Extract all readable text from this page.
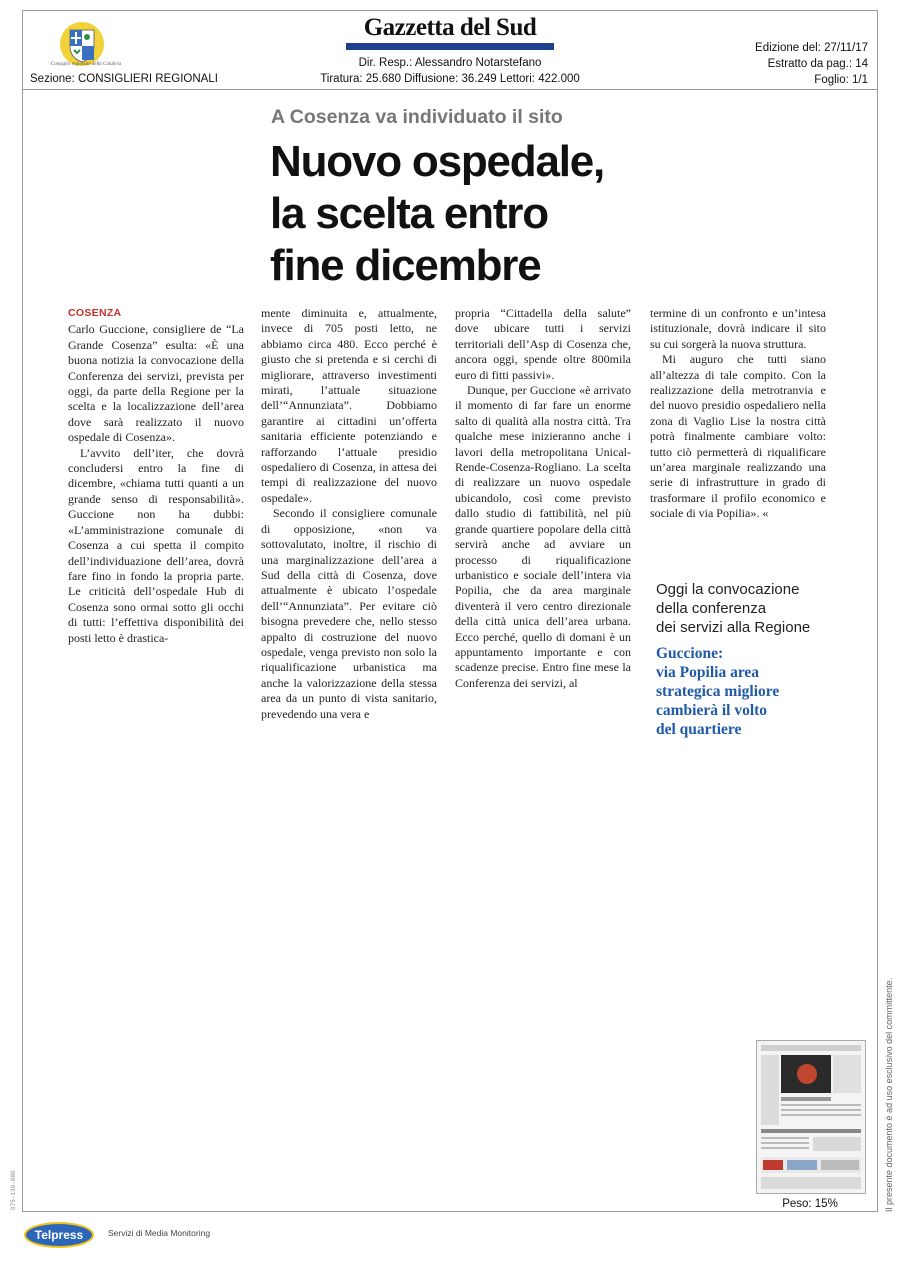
Consiglio regionale della Calabria
Sezione: CONSIGLIERI REGIONALI
Gazzetta del Sud
Dir. Resp.: Alessandro Notarstefano
Tiratura: 25.680 Diffusione: 36.249 Lettori: 422.000
Edizione del: 27/11/17
Estratto da pag.: 14
Foglio: 1/1
A Cosenza va individuato il sito
Nuovo ospedale,
la scelta entro
fine dicembre
COSENZA

Carlo Guccione, consigliere de “La Grande Cosenza” esulta: «È una buona notizia la convocazione della Conferenza dei servizi, prevista per oggi, da parte della Regione per la scelta e la localizzazione dell’area dove sarà realizzato il nuovo ospedale di Cosenza».

L’avvito dell’iter, che dovrà concludersi entro la fine di dicembre, «chiama tutti quanti a un grande senso di responsabilità». Guccione non ha dubbi: «L’amministrazione comunale di Cosenza a cui spetta il compito dell’individuazione dell’area, dovrà fare fino in fondo la propria parte. Le criticità dell’ospedale Hub di Cosenza sono ormai sotto gli occhi di tutti: l’effettiva disponibilità dei posti letto è drastica-

mente diminuita e, attualmente, invece di 705 posti letto, ne abbiamo circa 480. Ecco perché è giusto che si pretenda e si cerchi di migliorare, attraverso investimenti mirati, l’attuale situazione dell’“Annunziata”. Dobbiamo garantire ai cittadini un’offerta sanitaria efficiente potenziando e rafforzando l’attuale presidio ospedaliero di Cosenza, in attesa dei tempi di realizzazione del nuovo ospedale».

Secondo il consigliere comunale di opposizione, «non va sottovalutato, inoltre, il rischio di una marginalizzazione dell’area a Sud della città di Cosenza, dove attualmente è ubicato l’ospedale dell’“Annunziata”. Per evitare ciò bisogna prevedere che, nello stesso appalto di costruzione del nuovo ospedale, venga previsto non solo la riqualificazione urbanistica ma anche la valorizzazione della stessa area da un punto di vista sanitario, prevedendo una vera e

propria “Cittadella della salute” dove ubicare tutti i servizi territoriali dell’Asp di Cosenza che, ancora oggi, spende oltre 800mila euro di fitti passivi».

Dunque, per Guccione «è arrivato il momento di far fare un enorme salto di qualità alla nostra città. Tra qualche mese inizieranno anche i lavori della metropolitana Unical-Rende-Cosenza-Rogliano. La scelta di realizzare un nuovo ospedale ubicandolo, così come previsto dallo studio di fattibilità, nel più grande quartiere popolare della città servirà anche ad avviare un processo di riqualificazione urbanistico e sociale dell’intera via Popilia, che da area marginale diventerà il vero centro direzionale della città unica dell’area urbana. Ecco perché, quello di domani è un appuntamento importante e con scadenze precise. Entro fine mese la Conferenza dei servizi, al

termine di un confronto e un’intesa istituzionale, dovrà indicare il sito su cui sorgerà la nuova struttura.

Mi auguro che tutti siano all’altezza di tale compito. Con la realizzazione della metrotranvia e del nuovo presidio ospedaliero nella zona di Vaglio Lise la nostra città potrà finalmente cambiare volto: tutto ciò permetterà di riqualificare un’area marginale realizzando una serie di infrastrutture in grado di trasformare il profilo economico e sociale di via Popilia». «

Oggi la convocazione
della conferenza
dei servizi alla Regione
Guccione:
via Popilia area
strategica migliore
cambierà il volto
del quartiere
Il presente documento è ad uso esclusivo del committente.
075-139-080	Peso: 15%
Telpress	Servizi di Media Monitoring
